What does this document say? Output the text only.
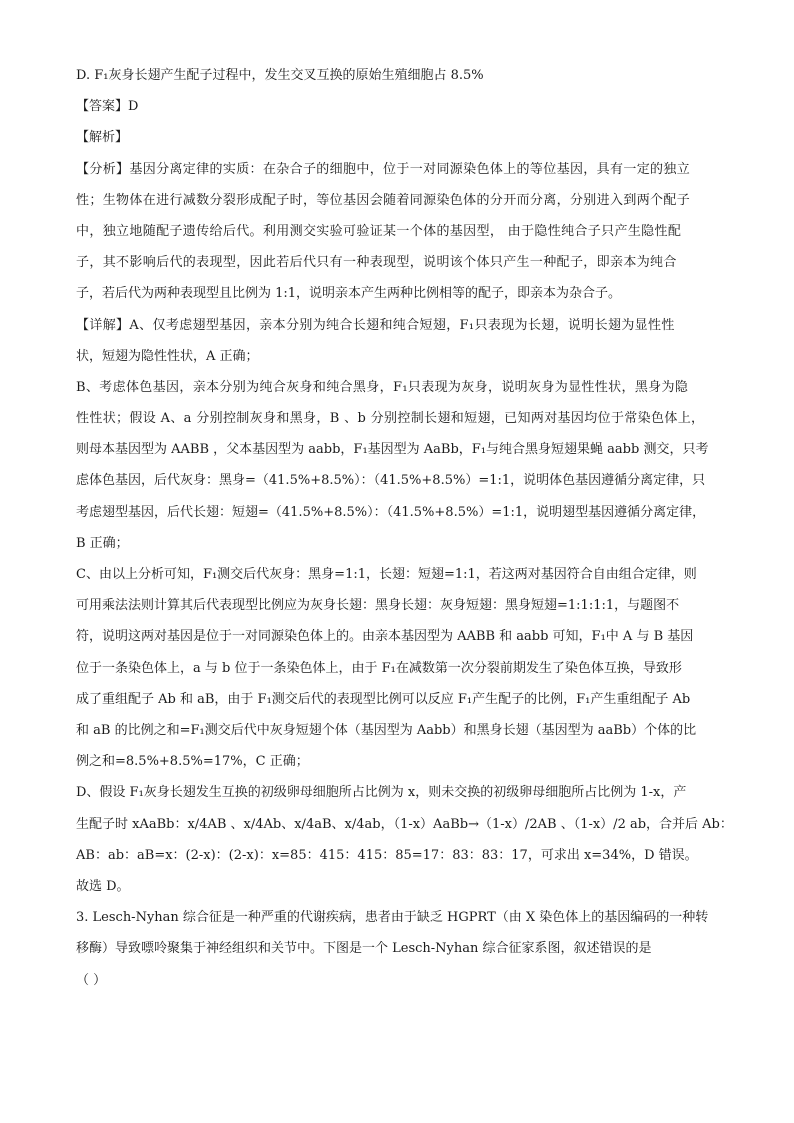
D. F₁灰身长翅产生配子过程中，发生交叉互换的原始生殖细胞占 8.5%
【答案】D
【解析】
【分析】基因分离定律的实质：在杂合子的细胞中，位于一对同源染色体上的等位基因，具有一定的独立
性；生物体在进行减数分裂形成配子时，等位基因会随着同源染色体的分开而分离，分别进入到两个配子
中，独立地随配子遗传给后代。利用测交实验可验证某一个体的基因型， 由于隐性纯合子只产生隐性配
子，其不影响后代的表现型，因此若后代只有一种表现型，说明该个体只产生一种配子，即亲本为纯合
子，若后代为两种表现型且比例为 1:1，说明亲本产生两种比例相等的配子，即亲本为杂合子。
【详解】A、仅考虑翅型基因，亲本分别为纯合长翅和纯合短翅，F₁只表现为长翅，说明长翅为显性性
状，短翅为隐性性状，A 正确；
B、考虑体色基因，亲本分别为纯合灰身和纯合黑身，F₁只表现为灰身，说明灰身为显性性状，黑身为隐
性性状；假设 A、a 分别控制灰身和黑身，B 、b 分别控制长翅和短翅，已知两对基因均位于常染色体上，
则母本基因型为 AABB ，父本基因型为 aabb，F₁基因型为 AaBb，F₁与纯合黑身短翅果蝇 aabb 测交，只考
虑体色基因，后代灰身：黑身=（41.5%+8.5%）：（41.5%+8.5%）=1:1，说明体色基因遵循分离定律，只
考虑翅型基因，后代长翅：短翅=（41.5%+8.5%）：（41.5%+8.5%）=1:1，说明翅型基因遵循分离定律，
B 正确；
C、由以上分析可知，F₁测交后代灰身：黑身=1:1，长翅：短翅=1:1，若这两对基因符合自由组合定律，则
可用乘法法则计算其后代表现型比例应为灰身长翅：黑身长翅：灰身短翅：黑身短翅=1:1:1:1，与题图不
符，说明这两对基因是位于一对同源染色体上的。由亲本基因型为 AABB 和 aabb 可知，F₁中 A 与 B 基因
位于一条染色体上，a 与 b 位于一条染色体上，由于 F₁在减数第一次分裂前期发生了染色体互换，导致形
成了重组配子 Ab 和 aB，由于 F₁测交后代的表现型比例可以反应 F₁产生配子的比例，F₁产生重组配子 Ab
和 aB 的比例之和=F₁测交后代中灰身短翅个体（基因型为 Aabb）和黑身长翅（基因型为 aaBb）个体的比
例之和=8.5%+8.5%=17%，C 正确；
D、假设 F₁灰身长翅发生互换的初级卵母细胞所占比例为 x，则未交换的初级卵母细胞所占比例为 1-x，产
生配子时 xAaBb：x/4AB 、x/4Ab、x/4aB、x/4ab，（1-x）AaBb→（1-x）/2AB 、（1-x）/2 ab，合并后 Ab：
AB：ab：aB=x：(2-x)：(2-x)：x=85：415：415：85=17：83：83：17，可求出 x=34%，D 错误。
故选 D。
3. Lesch-Nyhan 综合征是一种严重的代谢疾病，患者由于缺乏 HGPRT（由 X 染色体上的基因编码的一种转
移酶）导致嘌呤聚集于神经组织和关节中。下图是一个 Lesch-Nyhan 综合征家系图，叙述错误的是
（ ）
